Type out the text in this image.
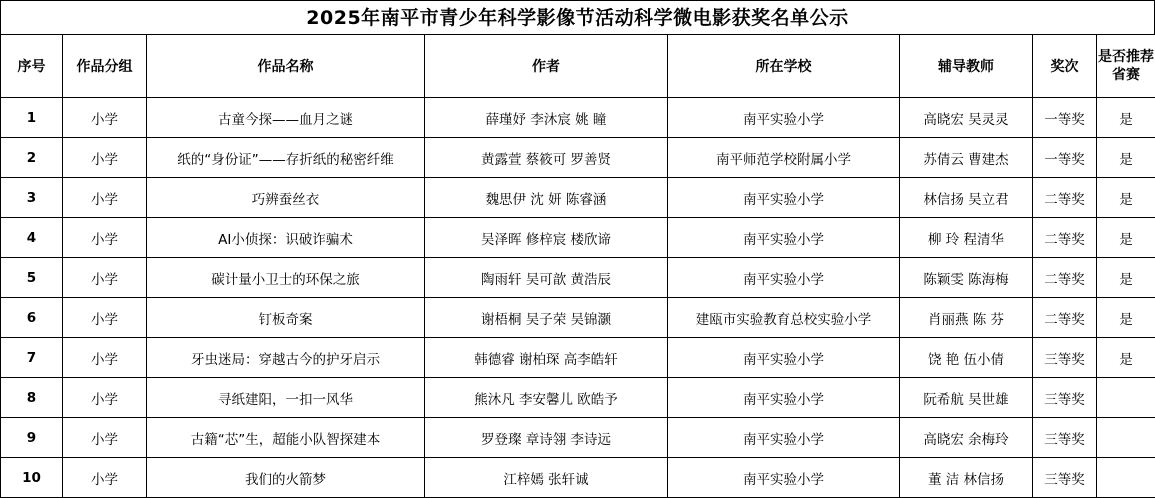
2025年南平市青少年科学影像节活动科学微电影获奖名单公示
序号	作品分组	作品名称	作者	所在学校	辅导教师	奖次	是否推荐省赛
1	小学	古童今探——血月之谜	薛瑾妤 李沐宸 姚 瞳	南平实验小学	高晓宏 吴灵灵	一等奖	是
2	小学	纸的“身份证”——存折纸的秘密纤维	黄露萱 蔡筱可 罗善贤	南平师范学校附属小学	苏倩云 曹建杰	一等奖	是
3	小学	巧辨蚕丝衣	魏思伊 沈 妍 陈睿涵	南平实验小学	林信扬 吴立君	二等奖	是
4	小学	AI小侦探：识破诈骗术	吴泽晖 修梓宸 楼欣谛	南平实验小学	柳 玲 程清华	二等奖	是
5	小学	碳计量小卫士的环保之旅	陶雨轩 吴可歆 黄浩辰	南平实验小学	陈颖雯 陈海梅	二等奖	是
6	小学	钉板奇案	谢梧桐 吴子荣 吴锦灏	建瓯市实验教育总校实验小学	肖丽燕 陈 芬	二等奖	是
7	小学	牙虫迷局：穿越古今的护牙启示	韩德睿 谢柏琛 高李皓轩	南平实验小学	饶 艳 伍小倩	三等奖	是
8	小学	寻纸建阳，一扣一风华	熊沐凡 李安馨儿 欧皓予	南平实验小学	阮希航 吴世雄	三等奖	
9	小学	古籍“芯”生，超能小队智探建本	罗登璨 章诗翎 李诗远	南平实验小学	高晓宏 余梅玲	三等奖	
10	小学	我们的火箭梦	江梓嫣 张轩诚	南平实验小学	董 洁 林信扬	三等奖	
